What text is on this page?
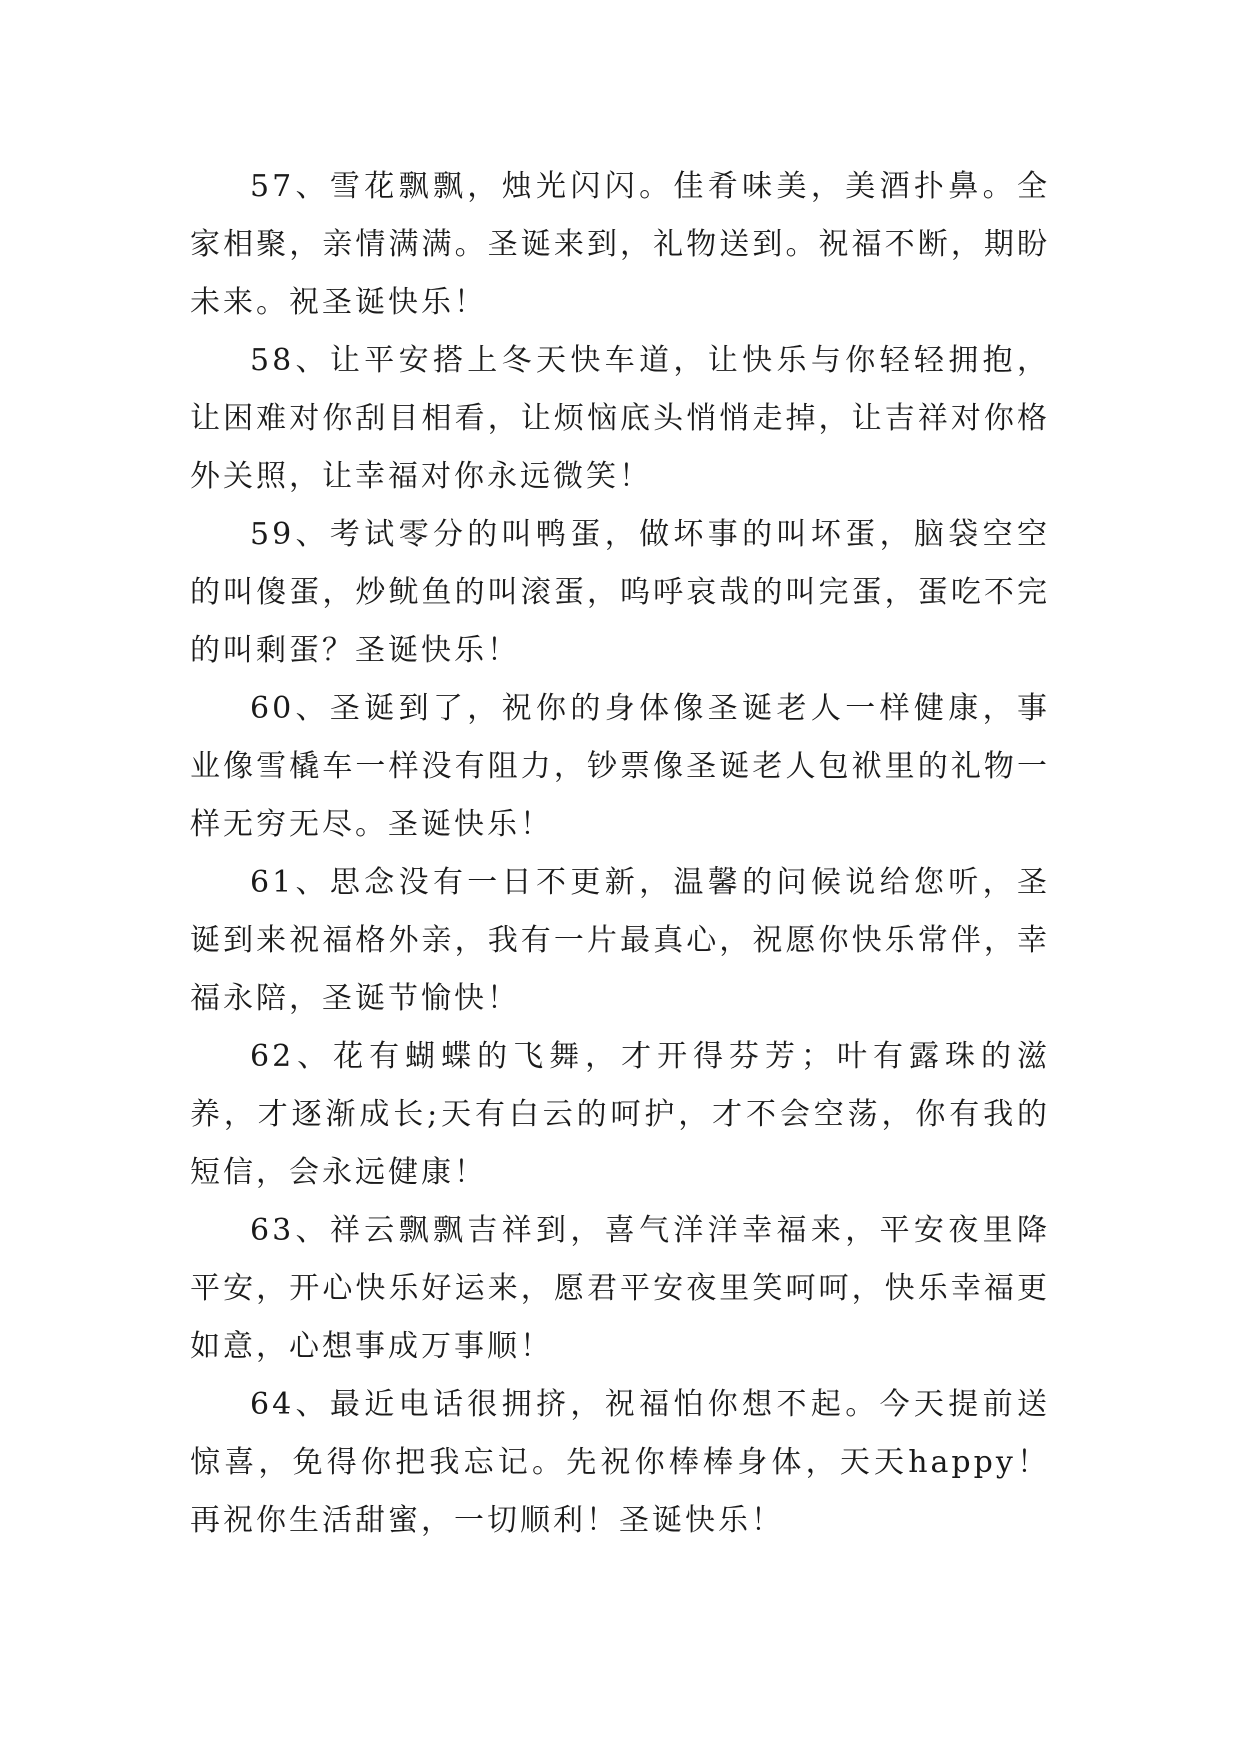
57、雪花飘飘，烛光闪闪。佳肴味美，美酒扑鼻。全家相聚，亲情满满。圣诞来到，礼物送到。祝福不断，期盼未来。祝圣诞快乐！

58、让平安搭上冬天快车道，让快乐与你轻轻拥抱，让困难对你刮目相看，让烦恼底头悄悄走掉，让吉祥对你格外关照，让幸福对你永远微笑！

59、考试零分的叫鸭蛋，做坏事的叫坏蛋，脑袋空空的叫傻蛋，炒鱿鱼的叫滚蛋，呜呼哀哉的叫完蛋，蛋吃不完的叫剩蛋？圣诞快乐！

60、圣诞到了，祝你的身体像圣诞老人一样健康，事业像雪橇车一样没有阻力，钞票像圣诞老人包袱里的礼物一样无穷无尽。圣诞快乐！

61、思念没有一日不更新，温馨的问候说给您听，圣诞到来祝福格外亲，我有一片最真心，祝愿你快乐常伴，幸福永陪，圣诞节愉快！

62、花有蝴蝶的飞舞，才开得芬芳；叶有露珠的滋养，才逐渐成长;天有白云的呵护，才不会空荡，你有我的短信，会永远健康！

63、祥云飘飘吉祥到，喜气洋洋幸福来，平安夜里降平安，开心快乐好运来，愿君平安夜里笑呵呵，快乐幸福更如意，心想事成万事顺！

64、最近电话很拥挤，祝福怕你想不起。今天提前送惊喜，免得你把我忘记。先祝你棒棒身体，天天happy！再祝你生活甜蜜，一切顺利！圣诞快乐！
